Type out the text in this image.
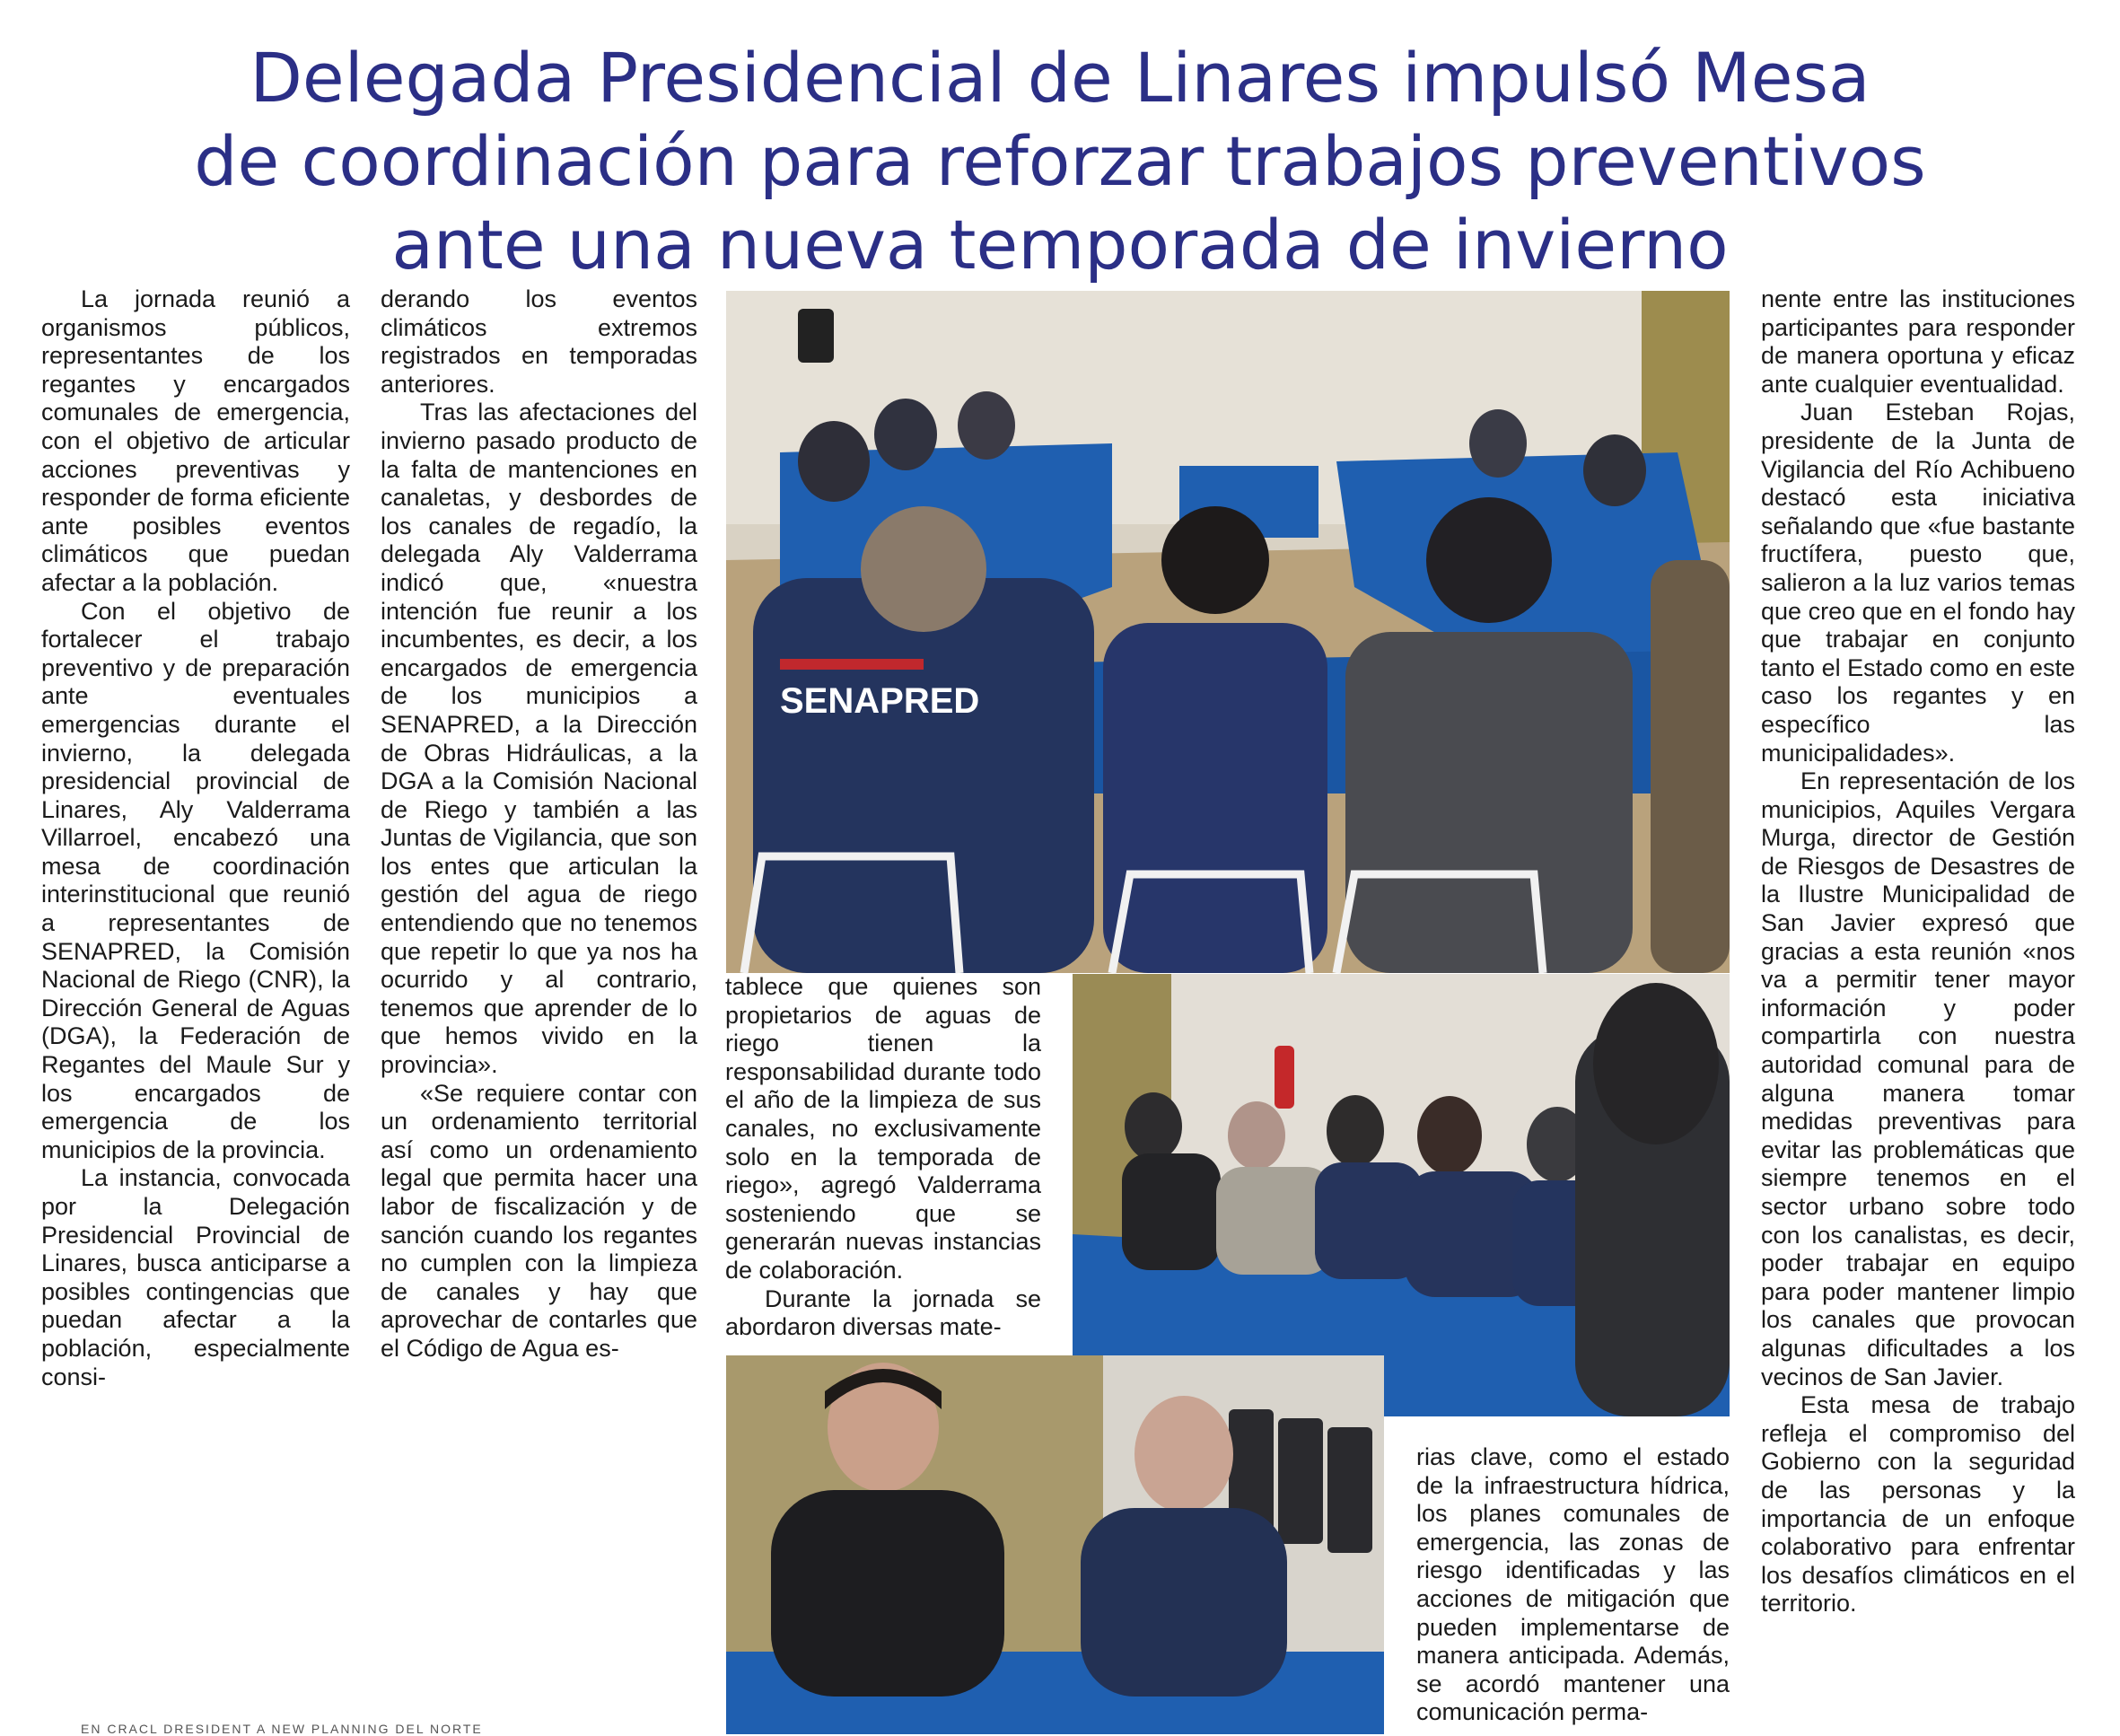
Delegada Presidencial de Linares impulsó Mesa
de coordinación para reforzar trabajos preventivos
ante una nueva temporada de invierno

La jornada reunió a organismos públicos, representantes de los regantes y encargados comunales de emergencia, con el objetivo de articular acciones preventivas y responder de forma eficiente ante posibles eventos climáticos que puedan afectar a la población.

Con el objetivo de fortalecer el trabajo preventivo y de preparación ante eventuales emergencias durante el invierno, la delegada presidencial provincial de Linares, Aly Valderrama Villarroel, encabezó una mesa de coordinación interinstitucional que reunió a representantes de SENAPRED, la Comisión Nacional de Riego (CNR), la Dirección General de Aguas (DGA), la Federación de Regantes del Maule Sur y los encargados de emergencia de los municipios de la provincia.

La instancia, convocada por la Delegación Presidencial Provincial de Linares, busca anticiparse a posibles contingencias que puedan afectar a la población, especialmente consi-

derando los eventos climáticos extremos registrados en temporadas anteriores.

Tras las afectaciones del invierno pasado producto de la falta de mantenciones en canaletas, y desbordes de los canales de regadío, la delegada Aly Valderrama indicó que, «nuestra intención fue reunir a los incumbentes, es decir, a los encargados de emergencia de los municipios a SENAPRED, a la Dirección de Obras Hidráulicas, a la DGA a la Comisión Nacional de Riego y también a las Juntas de Vigilancia, que son los entes que articulan la gestión del agua de riego entendiendo que no tenemos que repetir lo que ya nos ha ocurrido y al contrario, tenemos que aprender de lo que hemos vivido en la provincia».

«Se requiere contar con un ordenamiento territorial así como un ordenamiento legal que permita hacer una labor de fiscalización y de sanción cuando los regantes no cumplen con la limpieza de canales y hay que aprovechar de contarles que el Código de Agua es-

tablece que quienes son propietarios de aguas de riego tienen la responsabilidad durante todo el año de la limpieza de sus canales, no exclusivamente solo en la temporada de riego», agregó Valderrama sosteniendo que se generarán nuevas instancias de colaboración.

Durante la jornada se abordaron diversas mate-

rias clave, como el estado de la infraestructura hídrica, los planes comunales de emergencia, las zonas de riesgo identificadas y las acciones de mitigación que pueden implementarse de manera anticipada. Además, se acordó mantener una comunicación perma-

nente entre las instituciones participantes para responder de manera oportuna y eficaz ante cualquier eventualidad.

Juan Esteban Rojas, presidente de la Junta de Vigilancia del Río Achibueno destacó esta iniciativa señalando que «fue bastante fructífera, puesto que, salieron a la luz varios temas que creo que en el fondo hay que trabajar en conjunto tanto el Estado como en este caso los regantes y en específico las municipalidades».

En representación de los municipios, Aquiles Vergara Murga, director de Gestión de Riesgos de Desastres de la Ilustre Municipalidad de San Javier expresó que gracias a esta reunión «nos va a permitir tener mayor información y poder compartirla con nuestra autoridad comunal para de alguna manera tomar medidas preventivas para evitar las problemáticas que siempre tenemos en el sector urbano sobre todo con los canalistas, es decir, poder trabajar en equipo para poder mantener limpio los canales que provocan algunas dificultades a los vecinos de San Javier.

Esta mesa de trabajo refleja el compromiso del Gobierno con la seguridad de las personas y la importancia de un enfoque colaborativo para enfrentar los desafíos climáticos en el territorio.

SENAPRED
EN CRACL DRESIDENT A NEW PLANNING DEL NORTE
